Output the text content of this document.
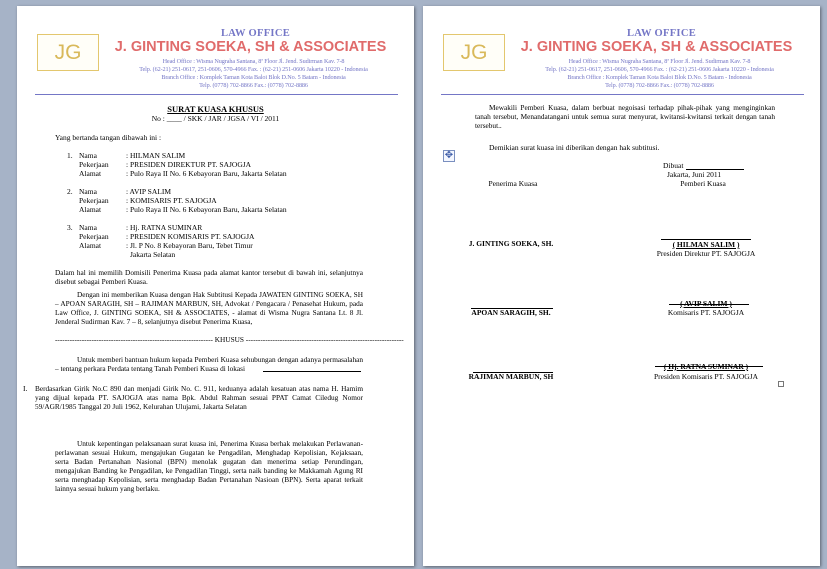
JG
LAW OFFICE
J. GINTING SOEKA, SH & ASSOCIATES
Head Office : Wisma Nugraha Santana, 8ª Floor Jl. Jend. Sudirman Kav. 7-8
Telp. (62-21) 251-0617, 251-0606, 570-4966 Fax. : (62-21) 251-0606 Jakarta 10220 - Indonesia
Branch Office : Komplek Taman Kota Baloi Blok D.No. 5 Batam - Indonesia
Telp. (0778) 702-8866 Fax.: (0778) 702-8886
SURAT KUASA KHUSUS
No : ____ / SKK / JAR / JGSA / VI / 2011
Yang bertanda tangan dibawah ini :
1. Nama	: HILMAN SALIM
Pekerjaan : PRESIDEN DIREKTUR PT. SAJOGJA
Alamat	: Pulo Raya II No. 6 Kebayoran Baru, Jakarta Selatan
2. Nama	: AVIP SALIM
Pekerjaan : KOMISARIS PT. SAJOGJA
Alamat	: Pulo Raya II No. 6 Kebayoran Baru, Jakarta Selatan
3. Nama	: Hj. RATNA SUMINAR
Pekerjaan : PRESIDEN KOMISARIS PT. SAJOGJA
Alamat	: Jl. P No. 8 Kebayoran Baru, Tebet Timur
Jakarta Selatan
Dalam hal ini memilih Domisili Penerima Kuasa pada alamat kantor tersebut di bawah ini, selanjutnya disebut sebagai Pemberi Kuasa.
Dengan ini memberikan Kuasa dengan Hak Subtitusi Kepada JAWATEN GINTING SOEKA, SH – APOAN SARAGIH, SH – RAJIMAN MARBUN, SH, Advokat / Pengacara / Penasehat Hukum, pada Law Office, J. GINTING SOEKA, SH & ASSOCIATES, - alamat di Wisma Nugra Santana Lt. 8 Jl. Jenderal Sudirman Kav. 7 – 8, selanjutnya disebut Penerima Kuasa,
----------------------------------------------------------------- KHUSUS -----------------------------------------------------------------
Untuk memberi bantuan hukum kepada Pemberi Kuasa sehubungan dengan adanya permasalahan – tentang perkara Perdata tentang Tanah Pemberi Kuasa di lokasi
I. Berdasarkan Girik No.C 890 dan menjadi Girik No. C. 911, keduanya adalah kesatuan atas nama H. Hamim yang dijual kepada PT. SAJOGJA atas nama Bpk. Abdul Rahman sesuai PPAT Camat Ciledug Nomor 59/AGR/1985 Tanggal 20 Juli 1962, Kelurahan Ulujami, Jakarta Selatan
Untuk kepentingan pelaksanaan surat kuasa ini, Penerima Kuasa berhak melakukan Perlawanan-perlawanan sesuai Hukum, mengajukan Gugatan ke Pengadilan, Menghadap Kepolisian, Kejaksaan, serta Badan Pertanahan Nasional (BPN) menolak gugatan dan menerima setiap Perundingan, mengajukan Banding ke Pengadilan, ke Pengadilan Tinggi, serta naik banding ke Makkamah Agung RI serta menghadap Kepolisian, serta menghadap Badan Pertanahan Nasioan (BPN). Serta aparat terkait lainnya sesuai hukum yang berlaku.
JG
LAW OFFICE
J. GINTING SOEKA, SH & ASSOCIATES
Head Office : Wisma Nugraha Santana, 8ª Floor Jl. Jend. Sudirman Kav. 7-8
Telp. (62-21) 251-0617, 251-0606, 570-4966 Fax. : (62-21) 251-0606 Jakarta 10220 - Indonesia
Branch Office : Komplek Taman Kota Baloi Blok D.No. 5 Batam - Indonesia
Telp. (0778) 702-8866 Fax.: (0778) 702-8886
Mewakili Pemberi Kuasa, dalam berbuat negoisasi terhadap pihak-pihak yang menginginkan tanah tersebut, Menandatangani untuk semua surat menyurat, kwitansi-kwitansi terkait dengan tanah tersebut..
✥
Demikian surat kuasa ini diberikan dengan hak subtitusi.
Dibuat
Jakarta, Juni 2011
Penerima Kuasa	Pemberi Kuasa
J. GINTING SOEKA, SH.	( HILMAN SALIM )
Presiden Direktur PT. SAJOGJA
APOAN SARAGIH, SH.
( AVIP SALIM )
Komisaris PT. SAJOGJA
RAJIMAN MARBUN, SH
( Hj. RATNA SUMINAR )
Presiden Komisaris PT. SAJOGJA
